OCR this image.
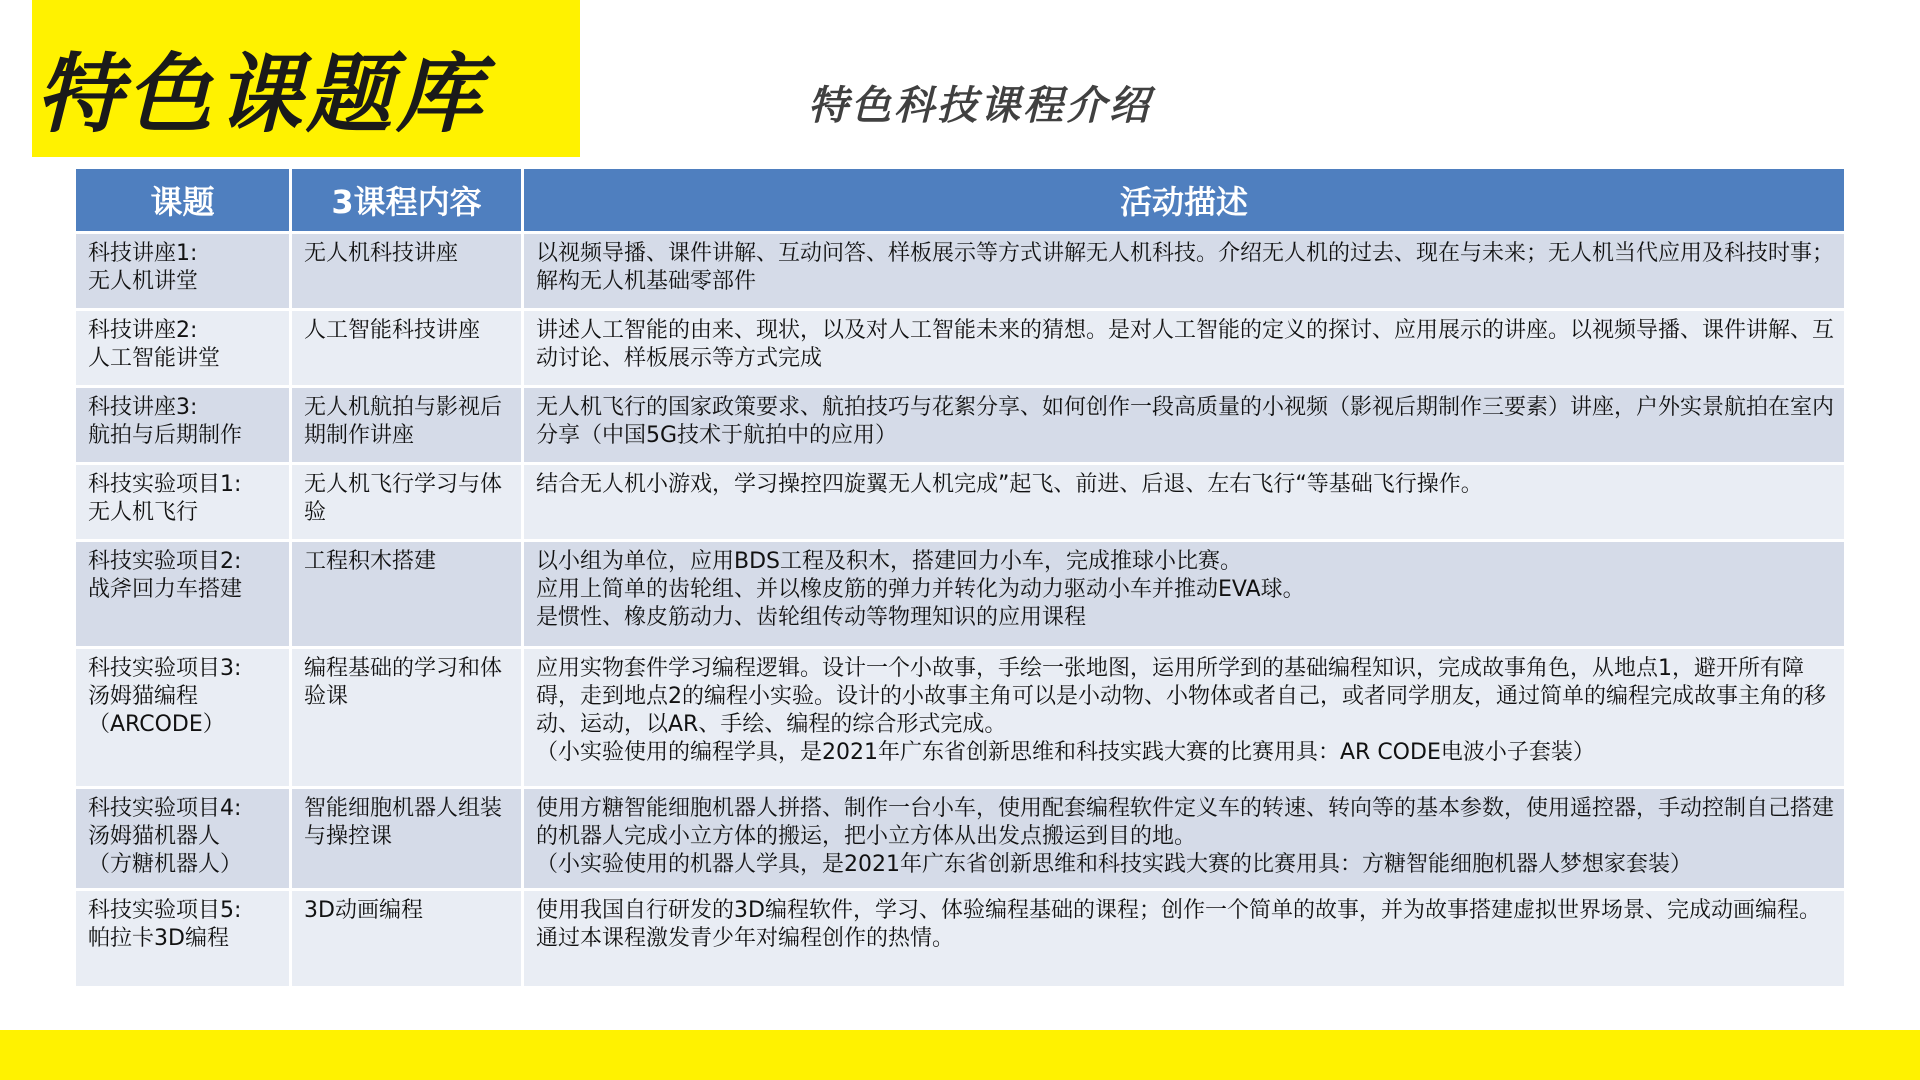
特色课题库	特色科技课程介绍
课题	3课程内容	活动描述
科技讲座1:
无人机讲堂	无人机科技讲座	以视频导播、课件讲解、互动问答、样板展示等方式讲解无人机科技。介绍无人机的过去、现在与未来；无人机当代应用及科技时事；解构无人机基础零部件
科技讲座2:
人工智能讲堂	人工智能科技讲座	讲述人工智能的由来、现状，以及对人工智能未来的猜想。是对人工智能的定义的探讨、应用展示的讲座。以视频导播、课件讲解、互动讨论、样板展示等方式完成
科技讲座3:
航拍与后期制作	无人机航拍与影视后期制作讲座	无人机飞行的国家政策要求、航拍技巧与花絮分享、如何创作一段高质量的小视频（影视后期制作三要素）讲座，户外实景航拍在室内分享（中国5G技术于航拍中的应用）
科技实验项目1:
无人机飞行	无人机飞行学习与体验	结合无人机小游戏，学习操控四旋翼无人机完成”起飞、前进、后退、左右飞行“等基础飞行操作。
科技实验项目2:
战斧回力车搭建	工程积木搭建	以小组为单位，应用BDS工程及积木，搭建回力小车，完成推球小比赛。
应用上简单的齿轮组、并以橡皮筋的弹力并转化为动力驱动小车并推动EVA球。
是惯性、橡皮筋动力、齿轮组传动等物理知识的应用课程
科技实验项目3:
汤姆猫编程
（ARCODE）	编程基础的学习和体验课	应用实物套件学习编程逻辑。设计一个小故事，手绘一张地图，运用所学到的基础编程知识，完成故事角色，从地点1，避开所有障碍，走到地点2的编程小实验。设计的小故事主角可以是小动物、小物体或者自己，或者同学朋友，通过简单的编程完成故事主角的移动、运动，以AR、手绘、编程的综合形式完成。
（小实验使用的编程学具，是2021年广东省创新思维和科技实践大赛的比赛用具：AR CODE电波小子套装）
科技实验项目4:
汤姆猫机器人
（方糖机器人）	智能细胞机器人组装与操控课	使用方糖智能细胞机器人拼搭、制作一台小车，使用配套编程软件定义车的转速、转向等的基本参数，使用遥控器，手动控制自己搭建的机器人完成小立方体的搬运，把小立方体从出发点搬运到目的地。
（小实验使用的机器人学具，是2021年广东省创新思维和科技实践大赛的比赛用具：方糖智能细胞机器人梦想家套装）
科技实验项目5:
帕拉卡3D编程	3D动画编程	使用我国自行研发的3D编程软件，学习、体验编程基础的课程；创作一个简单的故事，并为故事搭建虚拟世界场景、完成动画编程。通过本课程激发青少年对编程创作的热情。
